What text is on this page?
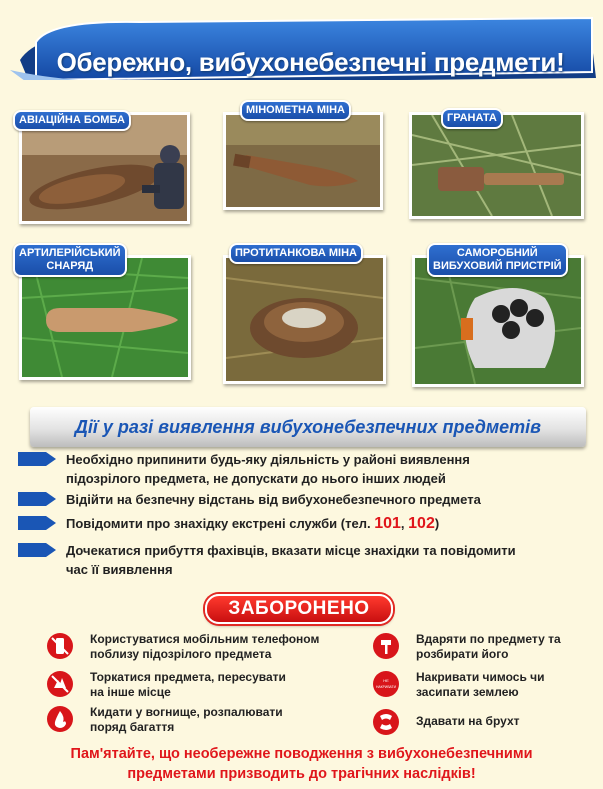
Обережно, вибухонебезпечні предмети!
АВІАЦІЙНА БОМБА
МІНОМЕТНА МІНА
ГРАНАТА
АРТИЛЕРІЙСЬКИЙ
СНАРЯД
ПРОТИТАНКОВА МІНА	САМОРОБНИЙ
ВИБУХОВИЙ ПРИСТРІЙ
Дії у разі виявлення вибухонебезпечних предметів
Необхідно припинити будь-яку діяльність у районі виявлення
підозрілого предмета, не допускати до нього інших людей
Відійти на безпечну відстань від вибухонебезпечного предмета
Повідомити про знахідку екстрені служби (тел. 101, 102)
Дочекатися прибуття фахівців, вказати місце знахідки та повідомити
час її виявлення
ЗАБОРОНЕНО
Користуватися мобільним телефоном
поблизу підозрілого предмета
Торкатися предмета, пересувати
на інше місце
Кидати у вогнище, розпалювати
поряд багаття
Вдаряти по предмету та
розбирати його
НЕ
НАКРИВАТИ
Накривати чимось чи
засипати землею
Здавати на брухт
Пам'ятайте, що необережне поводження з вибухонебезпечними
предметами призводить до трагічних наслідків!
